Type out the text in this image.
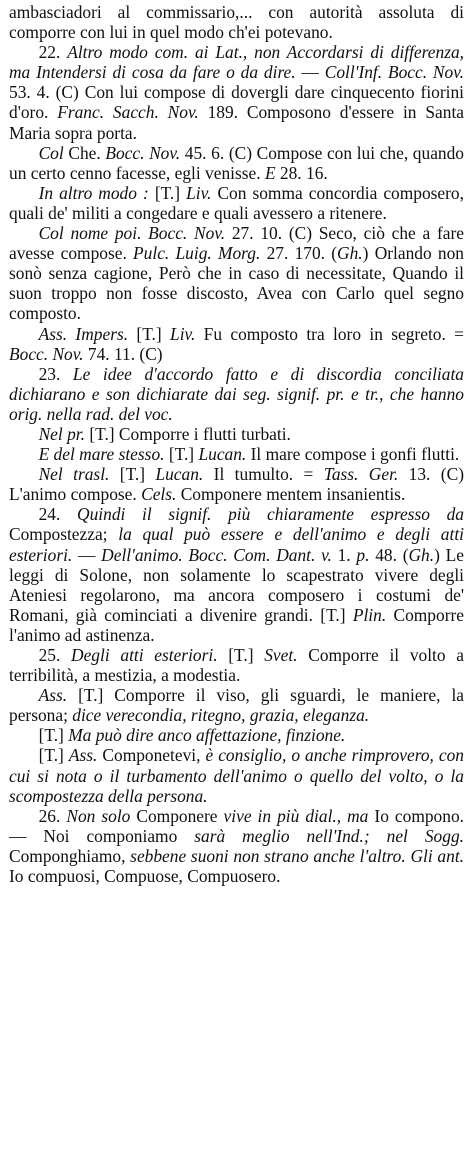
ambasciadori al commissario,... con autorità assoluta di comporre con lui in quel modo ch'ei potevano.

22. Altro modo com. ai Lat., non Accordarsi di differenza, ma Intendersi di cosa da fare o da dire. — Coll'Inf. Bocc. Nov. 53. 4. (C) Con lui compose di dovergli dare cinquecento fiorini d'oro. Franc. Sacch. Nov. 189. Composono d'essere in Santa Maria sopra porta.

Col Che. Bocc. Nov. 45. 6. (C) Compose con lui che, quando un certo cenno facesse, egli venisse. E 28. 16.

In altro modo : [T.] Liv. Con somma concordia composero, quali de' militi a congedare e quali avessero a ritenere.

Col nome poi. Bocc. Nov. 27. 10. (C) Seco, ciò che a fare avesse compose. Pulc. Luig. Morg. 27. 170. (Gh.) Orlando non sonò senza cagione, Però che in caso di necessitate, Quando il suon troppo non fosse discosto, Avea con Carlo quel segno composto.

Ass. Impers. [T.] Liv. Fu composto tra loro in segreto. = Bocc. Nov. 74. 11. (C)

23. Le idee d'accordo fatto e di discordia conciliata dichiarano e son dichiarate dai seg. signif. pr. e tr., che hanno orig. nella rad. del voc.

Nel pr. [T.] Comporre i flutti turbati.

E del mare stesso. [T.] Lucan. Il mare compose i gonfi flutti.

Nel trasl. [T.] Lucan. Il tumulto. = Tass. Ger. 13. (C) L'animo compose. Cels. Componere mentem insanientis.

24. Quindi il signif. più chiaramente espresso da Compostezza; la qual può essere e dell'animo e degli atti esteriori. — Dell'animo. Bocc. Com. Dant. v. 1. p. 48. (Gh.) Le leggi di Solone, non solamente lo scapestrato vivere degli Ateniesi regolarono, ma ancora composero i costumi de' Romani, già cominciati a divenire grandi. [T.] Plin. Comporre l'animo ad astinenza.

25. Degli atti esteriori. [T.] Svet. Comporre il volto a terribilità, a mestizia, a modestia.

Ass. [T.] Comporre il viso, gli sguardi, le maniere, la persona; dice verecondia, ritegno, grazia, eleganza.

[T.] Ma può dire anco affettazione, finzione.

[T.] Ass. Componetevi, è consiglio, o anche rimprovero, con cui si nota o il turbamento dell'animo o quello del volto, o la scompostezza della persona.

26. Non solo Componere vive in più dial., ma Io compono. — Noi componiamo sarà meglio nell'Ind.; nel Sogg. Componghiamo, sebbene suoni non strano anche l'altro. Gli ant. Io compuosi, Compuose, Compuosero.
